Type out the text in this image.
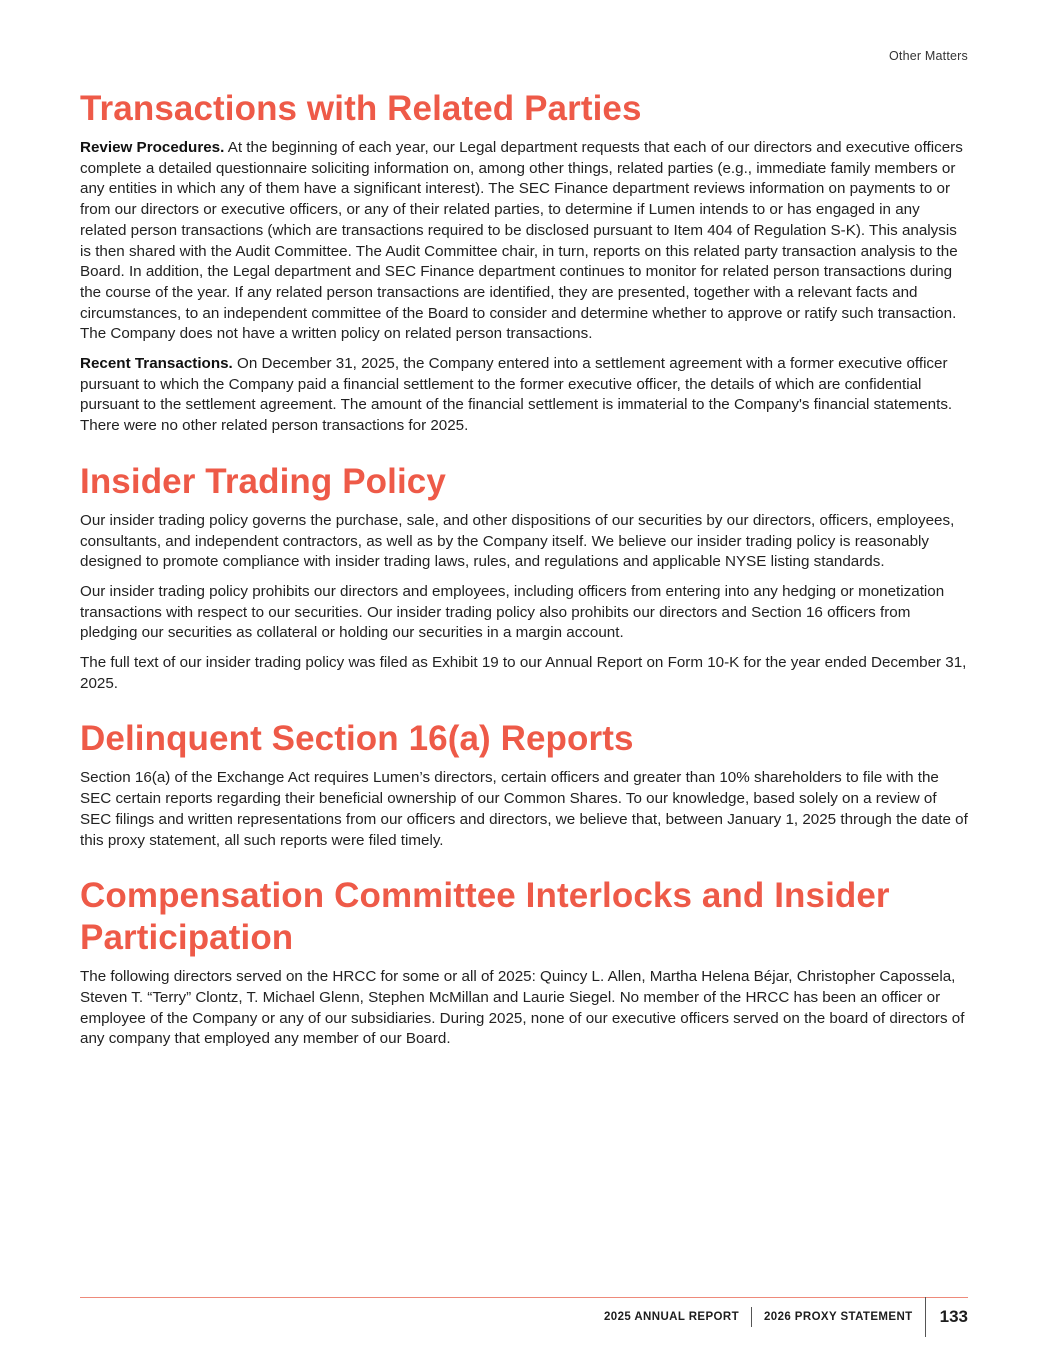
Other Matters
Transactions with Related Parties

Review Procedures. At the beginning of each year, our Legal department requests that each of our directors and executive officers complete a detailed questionnaire soliciting information on, among other things, related parties (e.g., immediate family members or any entities in which any of them have a significant interest). The SEC Finance department reviews information on payments to or from our directors or executive officers, or any of their related parties, to determine if Lumen intends to or has engaged in any related person transactions (which are transactions required to be disclosed pursuant to Item 404 of Regulation S-K). This analysis is then shared with the Audit Committee. The Audit Committee chair, in turn, reports on this related party transaction analysis to the Board. In addition, the Legal department and SEC Finance department continues to monitor for related person transactions during the course of the year. If any related person transactions are identified, they are presented, together with a relevant facts and circumstances, to an independent committee of the Board to consider and determine whether to approve or ratify such transaction. The Company does not have a written policy on related person transactions.

Recent Transactions. On December 31, 2025, the Company entered into a settlement agreement with a former executive officer pursuant to which the Company paid a financial settlement to the former executive officer, the details of which are confidential pursuant to the settlement agreement. The amount of the financial settlement is immaterial to the Company's financial statements. There were no other related person transactions for 2025.

Insider Trading Policy

Our insider trading policy governs the purchase, sale, and other dispositions of our securities by our directors, officers, employees, consultants, and independent contractors, as well as by the Company itself. We believe our insider trading policy is reasonably designed to promote compliance with insider trading laws, rules, and regulations and applicable NYSE listing standards.

Our insider trading policy prohibits our directors and employees, including officers from entering into any hedging or monetization transactions with respect to our securities. Our insider trading policy also prohibits our directors and Section 16 officers from pledging our securities as collateral or holding our securities in a margin account.

The full text of our insider trading policy was filed as Exhibit 19 to our Annual Report on Form 10-K for the year ended December 31, 2025.

Delinquent Section 16(a) Reports

Section 16(a) of the Exchange Act requires Lumen’s directors, certain officers and greater than 10% shareholders to file with the SEC certain reports regarding their beneficial ownership of our Common Shares. To our knowledge, based solely on a review of SEC filings and written representations from our officers and directors, we believe that, between January 1, 2025 through the date of this proxy statement, all such reports were filed timely.

Compensation Committee Interlocks and Insider Participation

The following directors served on the HRCC for some or all of 2025: Quincy L. Allen, Martha Helena Béjar, Christopher Capossela, Steven T. “Terry” Clontz, T. Michael Glenn, Stephen McMillan and Laurie Siegel. No member of the HRCC has been an officer or employee of the Company or any of our subsidiaries. During 2025, none of our executive officers served on the board of directors of any company that employed any member of our Board.

2025 ANNUAL REPORT 2026 PROXY STATEMENT 133
